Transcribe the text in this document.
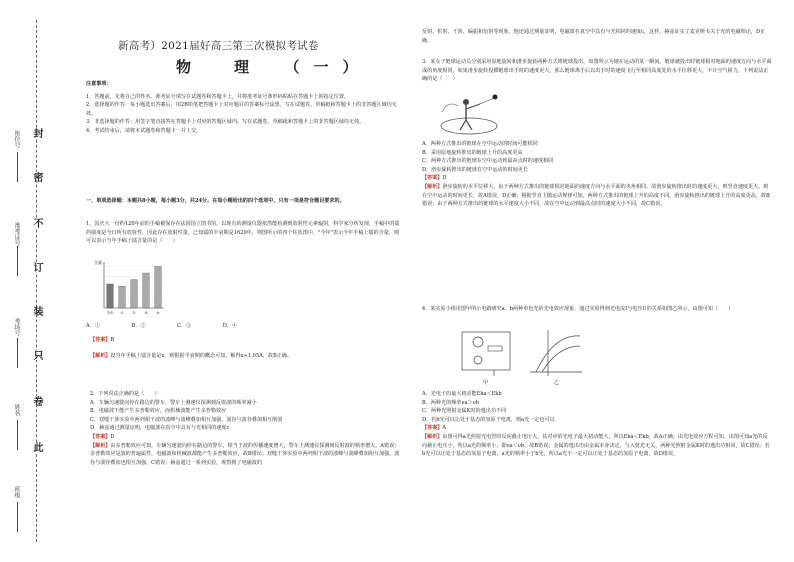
封
密
不
订
装
只
卷
此
座位号
准考证号
考场号
姓名
班级
新高考）2021届好高三第三次模拟考试卷
物　理　（一）

注意事项：

1．答题前，先将自己的姓名、准考证号填写在试题卷和答题卡上，并将准考证号条形码粘贴在答题卡上的指定位置。

2．选择题的作答：每小题选出答案后，用2B铅笔把答题卡上对应题目的答案标号涂黑，写在试题卷、草稿纸和答题卡上的非答题区域均无效。

3．非选择题的作答：用签字笔直接答在答题卡上对应的答题区域内。写在试题卷、草稿纸和答题卡上的非答题区域均无效。

4．考试结束后，请将本试题卷和答题卡一并上交。

一、单项选择题：本题共8小题，每小题3分，共24分。在每小题给出的四个选项中，只有一项是符合题目要求的。

1．国庆大一份约120年前的手稿被保存在法国国立图书馆，以现有的测量仪器依然能检测到放射性元素辐射，科学家分析发现，手稿中的镭的强度是今日所有放射性，因此存在放射性量。已知镭的半衰期是1620年，则图所示的四个柱状图中，"今年"表示今年手稿上镭的含量，则可以表示当年手稿上镭含量的是（　　）

含量
今年 ① ② ③ ④
A．①	B．②	C．③	D．④
【答案】B
【解析】设当年手稿上镭含量是x，则根据半衰期的概念可知，解得x≈1.05A，故B正确。

2．下列说法正确的是（　　）

A．车辆匀速驶向停在路边的警车，警车上测速仪探测到反射波的频率减小

B．电磁波不能产生多普勒效应，而机械波能产生多普勒效应

C．双缝干涉实验中两列相干波的波峰与波峰叠加相互加强，波谷与波谷叠加相互削弱

D．赫兹通过测量证明，电磁波在真空中具有与光相同的速度c

【答案】D

【解析】由多普勒效应可知，车辆匀速驶向停在路边的警车，相当于波的传播速度增大，警车上测速仪探测到反射波的频率增大，A错误；多普勒效应是波的普遍属性，电磁波和机械波都能产生多普勒效应，故B错误；双缝干涉实验中两列相干波的波峰与波峰叠加相互加强，波谷与波谷叠加也相互加强，C错误；赫兹通过一系列实验，观察到了电磁波的

反射、折射、干涉、偏振和衍射等现象，他还通过测量证明，电磁波在真空中具有与光相同的速度c，这样，赫兹证实了麦克斯韦关于光的电磁理论，D正确。

3．某女子链球运动员分别采用原地旋转和滑步旋转两种方式将链球投出，如图所示为她在运动的某一瞬间。链球被投出时链球相对地面的速度方向与水平面成的角度相同，如果滑步旋转投掷链球出手时的速度更大，那么链球离手后以出手时的速度飞行至相同高度处的水平位移更大，不计空气阻力，下列说法正确的是（　　）

A．两种方式推出的链球在空中运动的时间可能相同

B．采用原地旋转推出的链球上升的高度更高

C．两种方式推出的链球在空中运动到最高点时的速度相同

D．滑步旋转推出的链球在空中运动的时间更长

【答案】D

【解析】滑步旋转的水平位移大，由于两种方式推出的链球相对地面的速度方向与水平面的夹角相同，故滑步旋转推出时的速度更大，则竖直速度更大，则在空中运动的时间更长，故A错误，D正确；根据竖直上抛运动规律可知，两种方式推出的链球上升的高度不同，滑步旋转推出的链球上升的高度更高，故B错误；由于两种方式推出的链球的水平速度大小不同，故在空中运动到最高点时的速度大小不同，故C错误。

4．某实验小组用图甲所示电路研究a、b两种单色光的光电效应现象，通过实验得到光电流I与电压U的关系如图乙所示，由图可知（　　）

甲	乙

A．光电子的最大初动能Eka＜Ekb

B．两种光的频率νa＞νb

C．两种光照射金属K时的逸出功不同

D．若b光可以让处于基态的氢原子电离，则a光一定也可以

【答案】A

【解析】由图可得a光照射光电管时反向截止电压大，其对应的光电子最大初动能大，所以Eka＜Ekb，故A正确；由光电效应方程可知，由图可知a光的反向截止电压小，所以a光的频率小，即νa＜νb，故B错误；金属的逸出功由金属本身决定，与入射光无关，两种光照射金属K时的逸出功相同，故C错误；若b光可以让处于基态的氢原子电离，a光的频率小于b光，所以a光不一定可以让处于基态的氢原子电离，故D错误。
